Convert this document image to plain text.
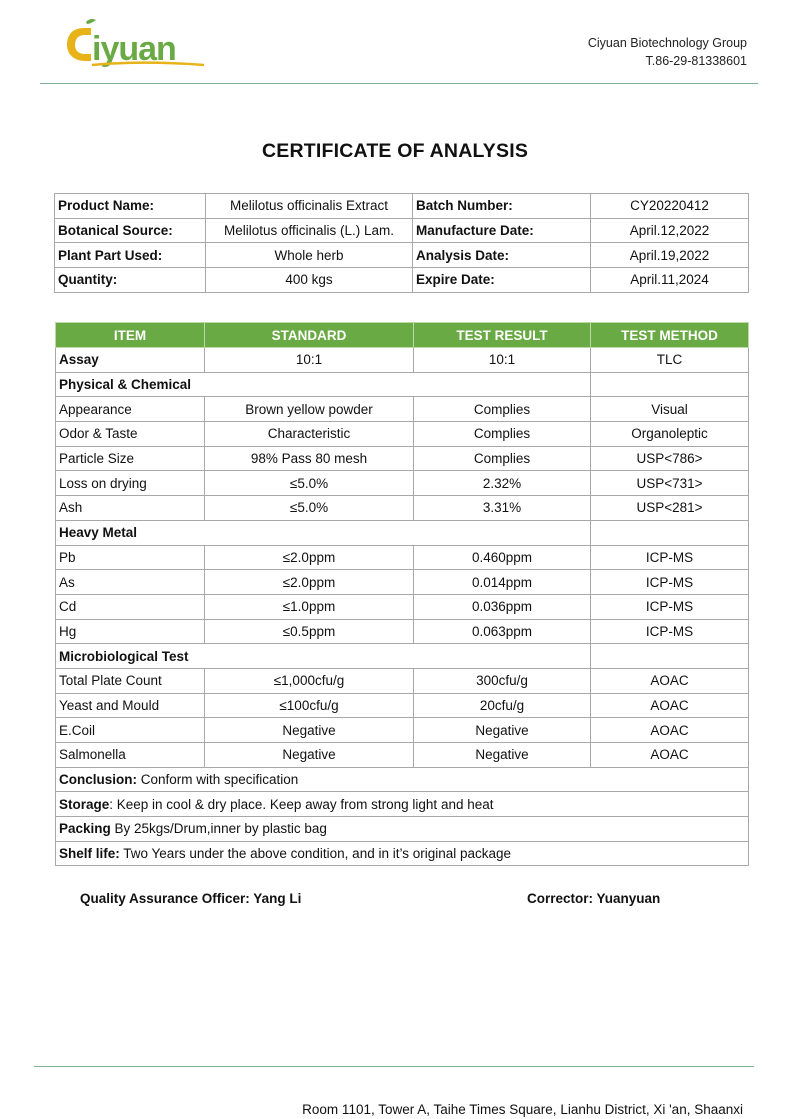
iyuan	Ciyuan Biotechnology Group
T.86-29-81338601
CERTIFICATE OF ANALYSIS
Product Name:	Melilotus officinalis Extract	Batch Number:	CY20220412
Botanical Source:	Melilotus officinalis (L.) Lam.	Manufacture Date:	April.12,2022
Plant Part Used:	Whole herb	Analysis Date:	April.19,2022
Quantity:	400 kgs	Expire Date:	April.11,2024
ITEM	STANDARD	TEST RESULT	TEST METHOD
Assay	10:1	10:1	TLC
Physical & Chemical			
Appearance	Brown yellow powder	Complies	Visual
Odor & Taste	Characteristic	Complies	Organoleptic
Particle Size	98% Pass 80 mesh	Complies	USP<786>
Loss on drying	≤5.0%	2.32%	USP<731>
Ash	≤5.0%	3.31%	USP<281>
Heavy Metal			
Pb	≤2.0ppm	0.460ppm	ICP-MS
As	≤2.0ppm	0.014ppm	ICP-MS
Cd	≤1.0ppm	0.036ppm	ICP-MS
Hg	≤0.5ppm	0.063ppm	ICP-MS
Microbiological Test			
Total Plate Count	≤1,000cfu/g	300cfu/g	AOAC
Yeast and Mould	≤100cfu/g	20cfu/g	AOAC
E.Coil	Negative	Negative	AOAC
Salmonella	Negative	Negative	AOAC
Conclusion: Conform with specification			
Storage: Keep in cool & dry place. Keep away from strong light and heat			
Packing By 25kgs/Drum,inner by plastic bag			
Shelf life: Two Years under the above condition, and in it’s original package			
Quality Assurance Officer: Yang Li	Corrector: Yuanyuan
Room 1101, Tower A, Taihe Times Square, Lianhu District, Xi 'an, Shaanxi
